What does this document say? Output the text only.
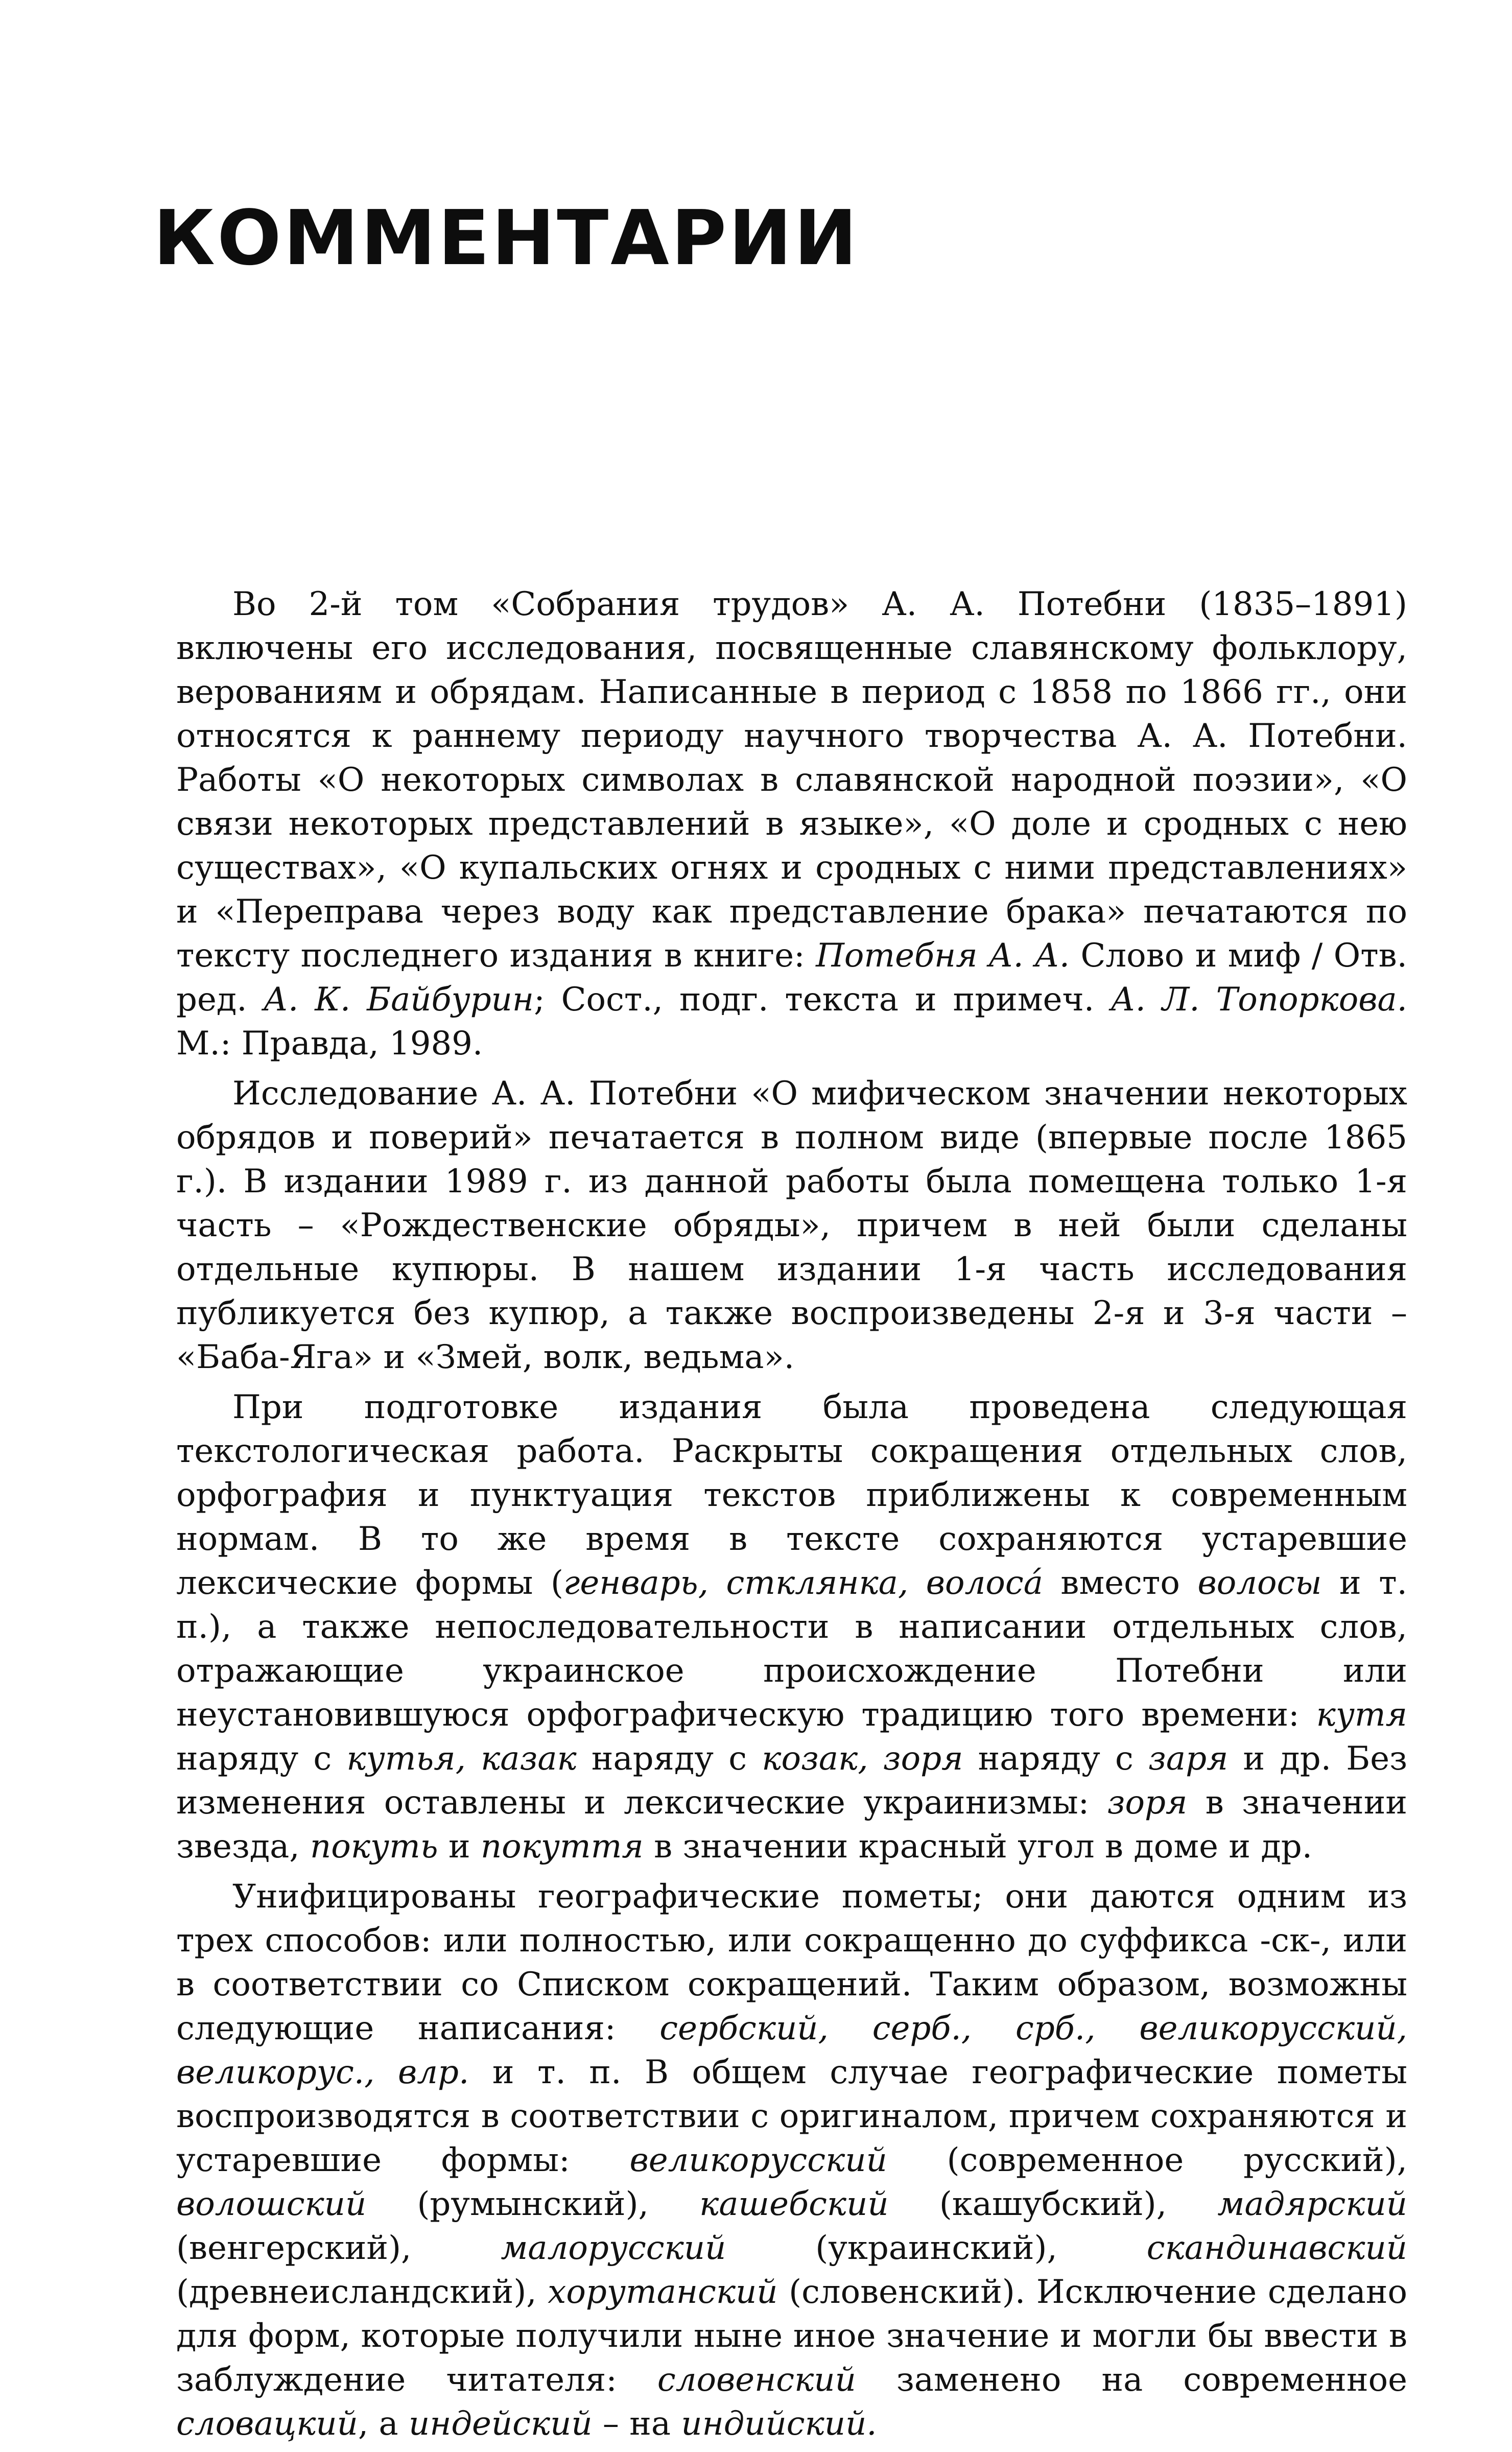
КОММЕНТАРИИ

Во 2-й том «Собрания трудов» А. А. Потебни (1835–1891) включены его исследования, посвященные славянскому фольклору, верованиям и обрядам. Написанные в период с 1858 по 1866 гг., они относятся к раннему периоду научного творчества А. А. Потебни. Работы «О некоторых символах в славянской народной поэзии», «О связи некоторых представлений в языке», «О доле и сродных с нею существах», «О купальских огнях и сродных с ними представлениях» и «Переправа через воду как представление брака» печатаются по тексту последнего издания в книге: Потебня А. А. Слово и миф / Отв. ред. А. К. Байбурин; Сост., подг. текста и примеч. А. Л. Топоркова. М.: Правда, 1989.

Исследование А. А. Потебни «О мифическом значении некоторых обрядов и поверий» печатается в полном виде (впервые после 1865 г.). В издании 1989 г. из данной работы была помещена только 1-я часть – «Рождественские обряды», причем в ней были сделаны отдельные купюры. В нашем издании 1-я часть исследования публикуется без купюр, а также воспроизведены 2-я и 3-я части – «Баба-Яга» и «Змей, волк, ведьма».

При подготовке издания была проведена следующая текстологическая работа. Раскрыты сокращения отдельных слов, орфография и пунктуация текстов приближены к современным нормам. В то же время в тексте сохраняются устаревшие лексические формы (генварь, стклянка, волоса́ вместо волосы и т. п.), а также непоследовательности в написании отдельных слов, отражающие украинское происхождение Потебни или неустановившуюся орфографическую традицию того времени: кутя наряду с кутья, казак наряду с козак, зоря наряду с заря и др. Без изменения оставлены и лексические украинизмы: зоря в значении звезда, покуть и покуття в значении красный угол в доме и др.

Унифицированы географические пометы; они даются одним из трех способов: или полностью, или сокращенно до суффикса -ск-, или в соответствии со Списком сокращений. Таким образом, возможны следующие написания: сербский, серб., срб., великорусский, великорус., влр. и т. п. В общем случае географические пометы воспроизводятся в соответствии с оригиналом, причем сохраняются и устаревшие формы: великорусский (современное русский), волошский (румынский), кашебский (кашубский), мадярский (венгерский), малорусский (украинский), скандинавский (древнеисландский), хорутанский (словенский). Исключение сделано для форм, которые получили ныне иное значение и могли бы ввести в заблуждение читателя: словенский заменено на современное словацкий, а индейский – на индийский.
